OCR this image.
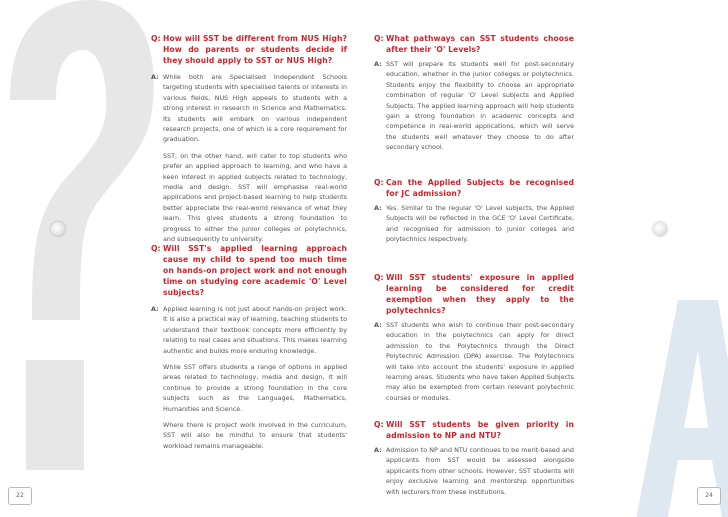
22	24
Q: How will SST be different from NUS High? How do parents or students decide if they should apply to SST or NUS High?
A: While both are Specialised Independent Schools targeting students with specialised talents or interests in various fields, NUS High appeals to students with a strong interest in research in Science and Mathematics. Its students will embark on various independent research projects, one of which is a core requirement for graduation.

SST, on the other hand, will cater to top students who prefer an applied approach to learning, and who have a keen interest in applied subjects related to technology, media and design. SST will emphasise real-world applications and project-based learning to help students better appreciate the real-world relevance of what they learn. This gives students a strong foundation to progress to either the junior colleges or polytechnics, and subsequently to university.

Q: Will SST's applied learning approach cause my child to spend too much time on hands-on project work and not enough time on studying core academic 'O' Level subjects?
A: Applied learning is not just about hands-on project work. It is also a practical way of learning, teaching students to understand their textbook concepts more efficiently by relating to real cases and situations. This makes learning authentic and builds more enduring knowledge.

While SST offers students a range of options in applied areas related to technology, media and design, it will continue to provide a strong foundation in the core subjects such as the Languages, Mathematics, Humanities and Science.

Where there is project work involved in the curriculum, SST will also be mindful to ensure that students' workload remains manageable.

Q: What pathways can SST students choose after their 'O' Levels?
A: SST will prepare its students well for post-secondary education, whether in the junior colleges or polytechnics. Students enjoy the flexibility to choose an appropriate combination of regular 'O' Level subjects and Applied Subjects. The applied learning approach will help students gain a strong foundation in academic concepts and competence in real-world applications, which will serve the students well whatever they choose to do after secondary school.

Q: Can the Applied Subjects be recognised for JC admission?
A: Yes. Similar to the regular 'O' Level subjects, the Applied Subjects will be reflected in the GCE 'O' Level Certificate, and recognised for admission to junior colleges and polytechnics respectively.

Q: Will SST students' exposure in applied learning be considered for credit exemption when they apply to the polytechnics?
A: SST students who wish to continue their post-secondary education in the polytechnics can apply for direct admission to the Polytechnics through the Direct Polytechnic Admission (DPA) exercise. The Polytechnics will take into account the students' exposure in applied learning areas. Students who have taken Applied Subjects may also be exempted from certain relevant polytechnic courses or modules.

Q: Will SST students be given priority in admission to NP and NTU?
A: Admission to NP and NTU continues to be merit-based and applicants from SST would be assessed alongside applicants from other schools. However, SST students will enjoy exclusive learning and mentorship opportunities with lecturers from these institutions.
